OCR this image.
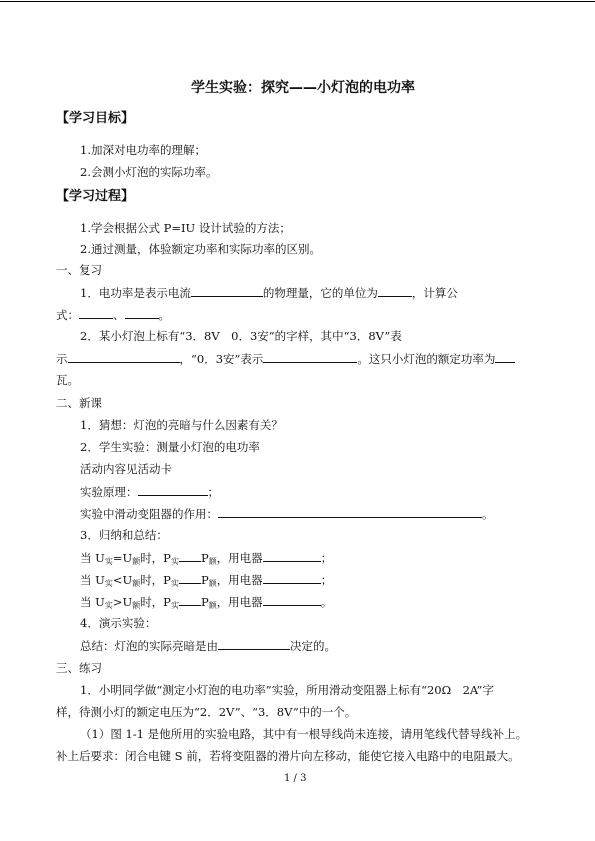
学生实验：探究——小灯泡的电功率
【学习目标】
1.加深对电功率的理解；
2.会测小灯泡的实际功率。
【学习过程】
1.学会根据公式 P=IU 设计试验的方法；
2.通过测量，体验额定功率和实际功率的区别。
一、复习
1．电功率是表示电流	的物理量，它的单位为	，计算公
式：	、	。
2．某小灯泡上标有“3．8V　0．3安”的字样，其中“3．8V”表
示	，“0．3安”表示	。这只小灯泡的额定功率为
瓦。
二、新课
1．猜想：灯泡的亮暗与什么因素有关？
2．学生实验：测量小灯泡的电功率
活动内容见活动卡
实验原理：	；
实验中滑动变阻器的作用：	。
3．归纳和总结：
当 $U_实=U_额$时，$P_实$ $P_额$，用电器	；
当 $U_实<U_额$时，$P_实$ $P_额$，用电器	；
当 $U_实>U_额$时，$P_实$ $P_额$，用电器	。
4．演示实验：
总结：灯泡的实际亮暗是由	决定的。
三、练习
1．小明同学做“测定小灯泡的电功率”实验，所用滑动变阻器上标有“20Ω　2A”字
样，待测小灯的额定电压为“2．2V”、“3．8V”中的一个。
（1）图 1-1 是他所用的实验电路，其中有一根导线尚未连接，请用笔线代替导线补上。
补上后要求：闭合电键 S 前，若将变阻器的滑片向左移动，能使它接入电路中的电阻最大。
1 / 3
